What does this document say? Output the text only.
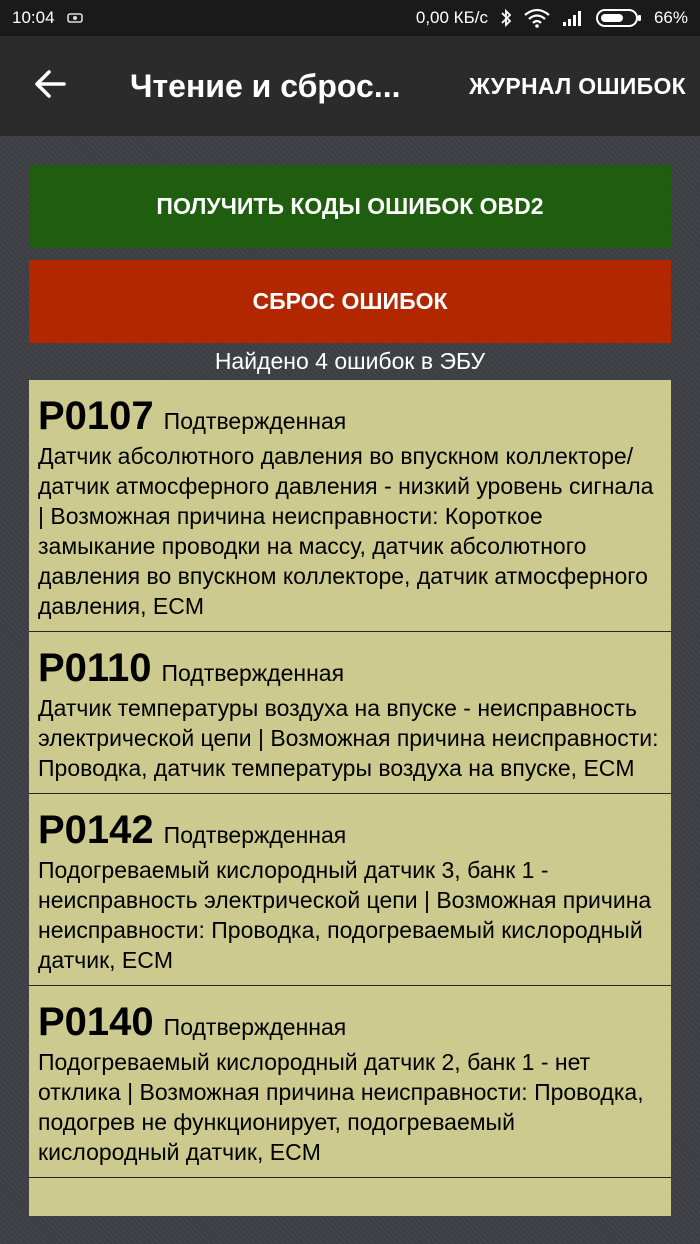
10:04	0,00 КБ/с	66%
Чтение и сброс...	ЖУРНАЛ ОШИБОК
ПОЛУЧИТЬ КОДЫ ОШИБОК OBD2
СБРОС ОШИБОК
Найдено 4 ошибок в ЭБУ
P0107 Подтвержденная
Датчик абсолютного давления во впускном коллекторе/датчик атмосферного давления - низкий уровень сигнала | Возможная причина неисправности: Короткое замыкание проводки на массу, датчик абсолютного давления во впускном коллекторе, датчик атмосферного давления, ECM
P0110 Подтвержденная
Датчик температуры воздуха на впуске - неисправность электрической цепи | Возможная причина неисправности: Проводка, датчик температуры воздуха на впуске, ECM
P0142 Подтвержденная
Подогреваемый кислородный датчик 3, банк 1 - неисправность электрической цепи | Возможная причина неисправности: Проводка, подогреваемый кислородный датчик, ECM
P0140 Подтвержденная
Подогреваемый кислородный датчик 2, банк 1 - нет отклика | Возможная причина неисправности: Проводка, подогрев не функционирует, подогреваемый кислородный датчик, ECM
